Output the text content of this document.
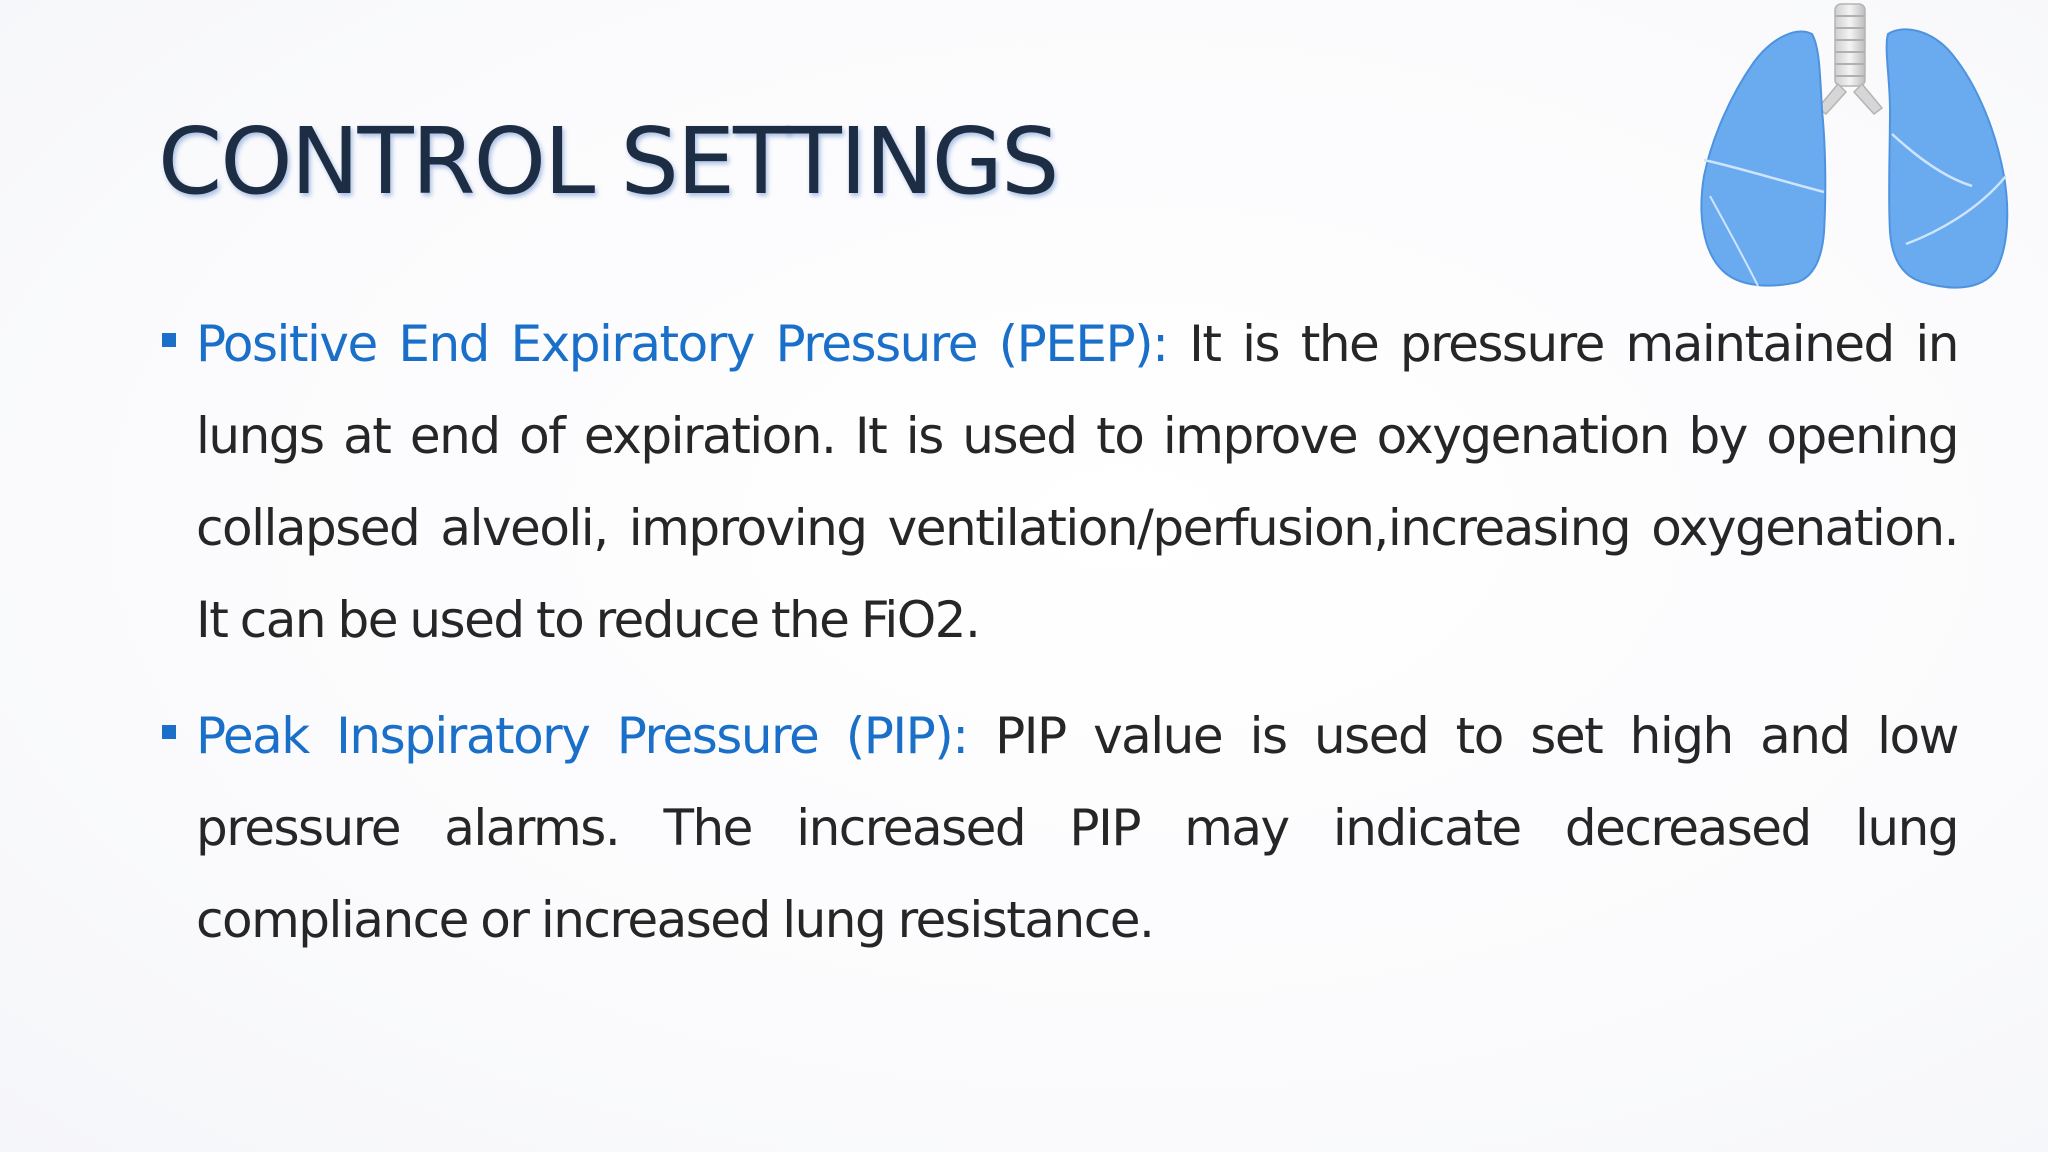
CONTROL SETTINGS

Positive End Expiratory Pressure (PEEP): It is the pressure maintained in lungs at end of expiration. It is used to improve oxygenation by opening collapsed alveoli, improving ventilation/perfusion,increasing oxygenation. It can be used to reduce the FiO2.

Peak Inspiratory Pressure (PIP): PIP value is used to set high and low pressure alarms. The increased PIP may indicate decreased lung compliance or increased lung resistance.
